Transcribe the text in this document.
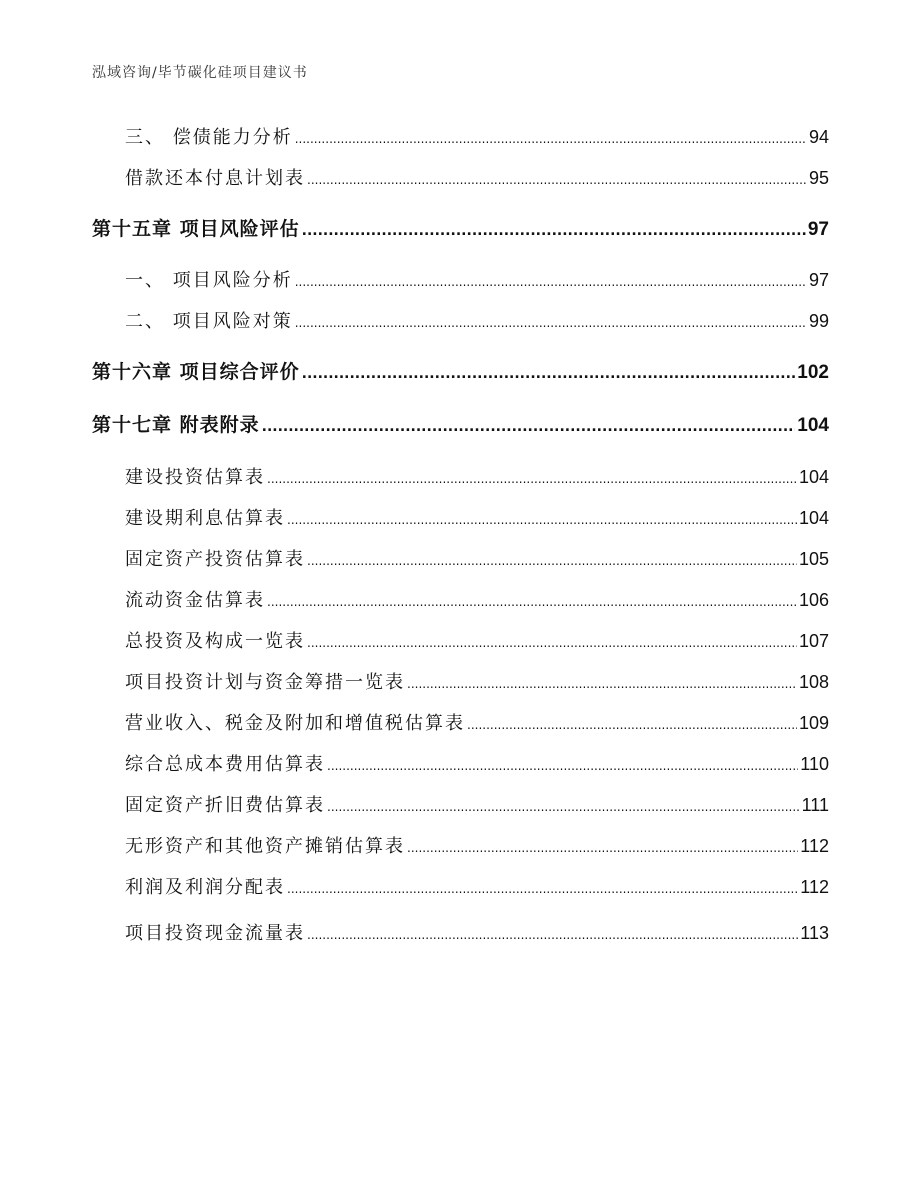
泓域咨询/毕节碳化硅项目建议书
三、 偿债能力分析 .....	94
借款还本付息计划表 .....	95
第十五章 项目风险评估 .....	97
一、 项目风险分析 .....	97
二、 项目风险对策 .....	99
第十六章 项目综合评价 .....	102
第十七章 附表附录 .....	104
建设投资估算表 .....	104
建设期利息估算表 .....	104
固定资产投资估算表 .....	105
流动资金估算表 .....	106
总投资及构成一览表 .....	107
项目投资计划与资金筹措一览表 .....	108
营业收入、税金及附加和增值税估算表 .....	109
综合总成本费用估算表 .....	110
固定资产折旧费估算表 .....	111
无形资产和其他资产摊销估算表 .....	112
利润及利润分配表 .....	112
项目投资现金流量表 .....	113
